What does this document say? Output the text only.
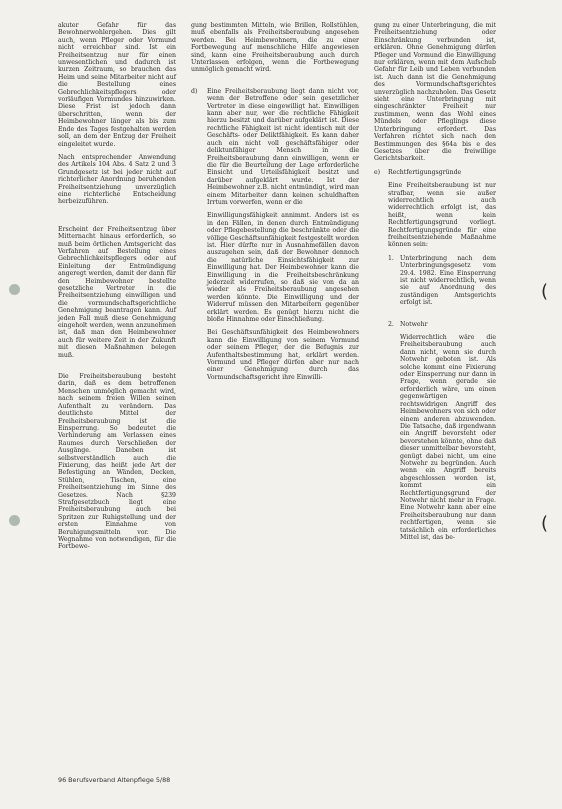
(
(

akuter Gefahr für das Bewohnerwohlergehen. Dies gilt auch, wenn Pfleger oder Vormund nicht erreichbar sind. Ist ein Freiheitsentzug nur für einen unwesentlichen und dadurch ist kurzen Zeitraum, so brauchen das Heim und seine Mitarbeiter nicht auf die Bestellung eines Gebrechlichkeitspflegers oder vorläufigen Vormundes hinzuwirken. Diese Frist ist jedoch dann überschritten, wenn der Heimbewohner länger als bis zum Ende des Tages festgehalten werden soll, an dem der Entzug der Freiheit eingeleitet wurde.

Nach entsprechender Anwendung des Artikels 104 Abs. 4 Satz 2 und 3 Grundgesetz ist bei jeder nicht auf richterlicher Anordnung beruhenden Freiheitsentziehung unverzüglich eine richterliche Entscheidung herbeizuführen.

Erscheint der Freiheitsentzug über Mitternacht hinaus erforderlich, so muß beim örtlichen Amtsgericht das Verfahren auf Bestellung eines Gebrechlichkeitspflegers oder auf Einleitung der Entmündigung angeregt werden, damit der dann für den Heimbewohner bestellte gesetzliche Vertreter in die Freiheitsentziehung einwilligen und die vormundschaftsgerichtliche Genehmigung beantragen kann. Auf jeden Fall muß diese Genehmigung eingeholt werden, wenn anzunehmen ist, daß man den Heimbewohner auch für weitere Zeit in der Zukunft mit diesen Maßnahmen belegen muß.

Die Freiheitsberaubung besteht darin, daß es dem betroffenen Menschen unmöglich gemacht wird, nach seinem freien Willen seinen Aufenthalt zu verändern. Das deutlichste Mittel der Freiheitsberaubung ist die Einsperrung. So bedeutet die Verhinderung am Verlassen eines Raumes durch Verschließen der Ausgänge. Daneben ist selbstverständlich auch die Fixierung, das heißt jede Art der Befestigung an Wänden, Decken, Stühlen, Tischen, eine Freiheitsentziehung im Sinne des Gesetzes. Nach §239 Strafgesetzbuch liegt eine Freiheitsberaubung auch bei Spritzen zur Ruhigstellung und der ersten Einnahme von Beruhigungsmitteln vor. Die Wegnahme von notwendigen, für die Fortbewe-

gung bestimmten Mitteln, wie Brillen, Rollstühlen, muß ebenfalls als Freiheitsberaubung angesehen werden. Bei Heimbewohnern, die zu einer Fortbewegung auf menschliche Hilfe angewiesen sind, kann eine Freiheitsberaubung auch durch Unterlassen erfolgen, wenn die Fortbewegung unmöglich gemacht wird.

d) Eine Freiheitsberaubung liegt dann nicht vor, wenn der Betroffene oder sein gesetzlicher Vertreter in diese eingewilligt hat. Einwilligen kann aber nur, wer die rechtliche Fähigkeit hierzu besitzt und darüber aufgeklärt ist. Diese rechtliche Fähigkeit ist nicht identisch mit der Geschäfts- oder Deliktfähigkeit. Es kann daher auch ein nicht voll geschäftsfähiger oder deliktunfähiger Mensch in die Freiheitsberaubung dann einwilligen, wenn er die für die Beurteilung der Lage erforderliche Einsicht und Urteilsfähigkeit besitzt und darüber aufgeklärt wurde. Ist der Heimbewohner z.B. nicht entmündigt, wird man einem Mitarbeiter dann keinen schuldhaften Irrtum vorwerfen, wenn er die

Einwilligungsfähigkeit annimmt. Anders ist es in den Fällen, in denen durch Entmündigung oder Pflegebestellung die beschränkte oder die völlige Geschäftsunfähigkeit festgestellt worden ist. Hier dürfte nur in Ausnahmefällen davon auszugehen sein, daß der Bewohner dennoch die natürliche Einsichtsfähigkeit zur Einwilligung hat. Der Heimbewohner kann die Einwilligung in die Freiheitsbeschränkung jederzeit widerrufen, so daß sie von da an wieder als Freiheitsberaubung angesehen werden könnte. Die Einwilligung und der Widerruf müssen den Mitarbeitern gegenüber erklärt werden. Es genügt hierzu nicht die bloße Hinnahme oder Einschließung.

Bei Geschäftsunfähigkeit des Heimbewohners kann die Einwilligung von seinem Vormund oder seinem Pfleger, der die Befugnis zur Aufenthaltsbestimmung hat, erklärt werden. Vormund und Pfleger dürfen aber nur nach einer Genehmigung durch das Vormundschaftsgericht ihre Einwilli-

gung zu einer Unterbringung, die mit Freiheitsentziehung oder Einschränkung verbunden ist, erklären. Ohne Genehmigung dürfen Pfleger und Vormund die Einwilligung nur erklären, wenn mit dem Aufschub Gefahr für Leib und Leben verbunden ist. Auch dann ist die Genehmigung des Vormundschaftsgerichtes unverzüglich nachzuholen. Das Gesetz sieht eine Unterbringung mit eingeschränkter Freiheit nur zustimmen, wenn das Wohl eines Mündels oder Pfleglings diese Unterbringung erfordert. Das Verfahren richtet sich nach den Bestimmungen des §64a bis e des Gesetzes über die freiwillige Gerichtsbarkeit.

e) Rechtfertigungsgründe

Eine Freiheitsberaubung ist nur strafbar, wenn sie außer widerrechtlich auch widerrechtlich erfolgt ist, das heißt, wenn kein Rechtfertigungsgrund vorliegt. Rechtfertigungsgründe für eine freiheitsentziehende Maßnahme können sein:

1. Unterbringung nach dem Unterbringungsgesetz vom 29.4. 1982. Eine Einsperrung ist nicht widerrechtlich, wenn sie auf Anordnung des zuständigen Amtsgerichts erfolgt ist.

2. Notwehr

Widerrechtlich wäre die Freiheitsberaubung auch dann nicht, wenn sie durch Notwehr geboten ist. Als solche kommt eine Fixierung oder Einsperrung nur dann in Frage, wenn gerade sie erforderlich wäre, um einen gegenwärtigen rechtswidrigen Angriff des Heimbewohners von sich oder einem anderen abzuwenden. Die Tatsache, daß irgendwann ein Angriff bevorsteht oder bevorstehen könnte, ohne daß dieser unmittelbar bevorsteht, genügt dabei nicht, um eine Notwehr zu begründen. Auch wenn ein Angriff bereits abgeschlossen worden ist, kommt ein Rechtfertigungsgrund der Notwehr nicht mehr in Frage. Eine Notwehr kann aber eine Freiheitsberaubung nur dann rechtfertigen, wenn sie tatsächlich ein erforderliches Mittel ist, das be-

96 Berufsverband Altenpflege 5/88
